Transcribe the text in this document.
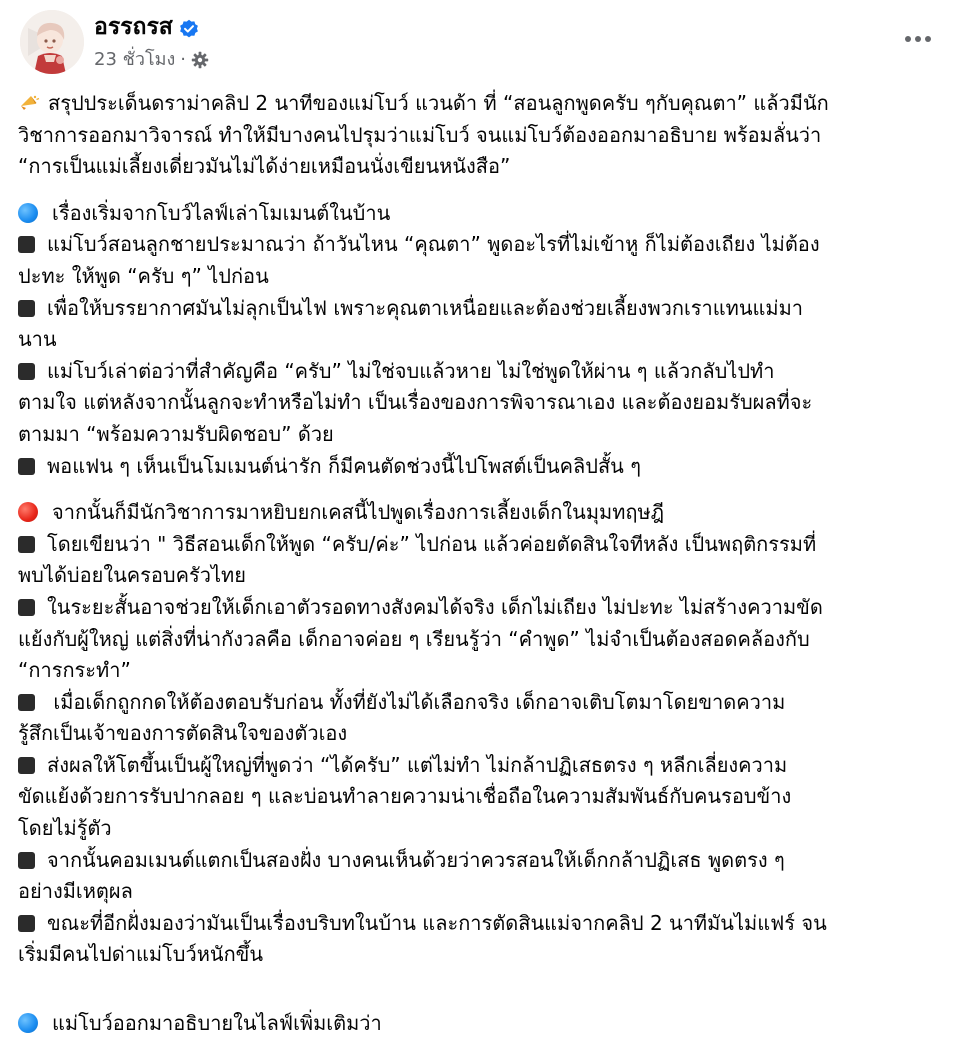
อรรถรส
23 ชั่วโมง ·

สรุปประเด็นดราม่าคลิป 2 นาทีของแม่โบว์ แวนด้า ที่ “สอนลูกพูดครับ ๆกับคุณตา” แล้วมีนัก
วิชาการออกมาวิจารณ์ ทำให้มีบางคนไปรุมว่าแม่โบว์ จนแม่โบว์ต้องออกมาอธิบาย พร้อมลั่นว่า
“การเป็นแม่เลี้ยงเดี่ยวมันไม่ได้ง่ายเหมือนนั่งเขียนหนังสือ”

เรื่องเริ่มจากโบว์ไลฟ์เล่าโมเมนต์ในบ้าน
แม่โบว์สอนลูกชายประมาณว่า ถ้าวันไหน “คุณตา” พูดอะไรที่ไม่เข้าหู ก็ไม่ต้องเถียง ไม่ต้อง
ปะทะ ให้พูด “ครับ ๆ” ไปก่อน
เพื่อให้บรรยากาศมันไม่ลุกเป็นไฟ เพราะคุณตาเหนื่อยและต้องช่วยเลี้ยงพวกเราแทนแม่มา
นาน
แม่โบว์เล่าต่อว่าที่สำคัญคือ “ครับ” ไม่ใช่จบแล้วหาย ไม่ใช่พูดให้ผ่าน ๆ แล้วกลับไปทำ
ตามใจ แต่หลังจากนั้นลูกจะทำหรือไม่ทำ เป็นเรื่องของการพิจารณาเอง และต้องยอมรับผลที่จะ
ตามมา “พร้อมความรับผิดชอบ” ด้วย
พอแฟน ๆ เห็นเป็นโมเมนต์น่ารัก ก็มีคนตัดช่วงนี้ไปโพสต์เป็นคลิปสั้น ๆ

จากนั้นก็มีนักวิชาการมาหยิบยกเคสนี้ไปพูดเรื่องการเลี้ยงเด็กในมุมทฤษฎี
โดยเขียนว่า " วิธีสอนเด็กให้พูด “ครับ/ค่ะ” ไปก่อน แล้วค่อยตัดสินใจทีหลัง เป็นพฤติกรรมที่
พบได้บ่อยในครอบครัวไทย
ในระยะสั้นอาจช่วยให้เด็กเอาตัวรอดทางสังคมได้จริง เด็กไม่เถียง ไม่ปะทะ ไม่สร้างความขัด
แย้งกับผู้ใหญ่ แต่สิ่งที่น่ากังวลคือ เด็กอาจค่อย ๆ เรียนรู้ว่า “คำพูด” ไม่จำเป็นต้องสอดคล้องกับ
“การกระทำ”
เมื่อเด็กถูกกดให้ต้องตอบรับก่อน ทั้งที่ยังไม่ได้เลือกจริง เด็กอาจเติบโตมาโดยขาดความ
รู้สึกเป็นเจ้าของการตัดสินใจของตัวเอง
ส่งผลให้โตขึ้นเป็นผู้ใหญ่ที่พูดว่า “ได้ครับ” แต่ไม่ทำ ไม่กล้าปฏิเสธตรง ๆ หลีกเลี่ยงความ
ขัดแย้งด้วยการรับปากลอย ๆ และบ่อนทำลายความน่าเชื่อถือในความสัมพันธ์กับคนรอบข้าง
โดยไม่รู้ตัว
จากนั้นคอมเมนต์แตกเป็นสองฝั่ง บางคนเห็นด้วยว่าควรสอนให้เด็กกล้าปฏิเสธ พูดตรง ๆ
อย่างมีเหตุผล
ขณะที่อีกฝั่งมองว่ามันเป็นเรื่องบริบทในบ้าน และการตัดสินแม่จากคลิป 2 นาทีมันไม่แฟร์ จน
เริ่มมีคนไปด่าแม่โบว์หนักขึ้น

แม่โบว์ออกมาอธิบายในไลฟ์เพิ่มเติมว่า
